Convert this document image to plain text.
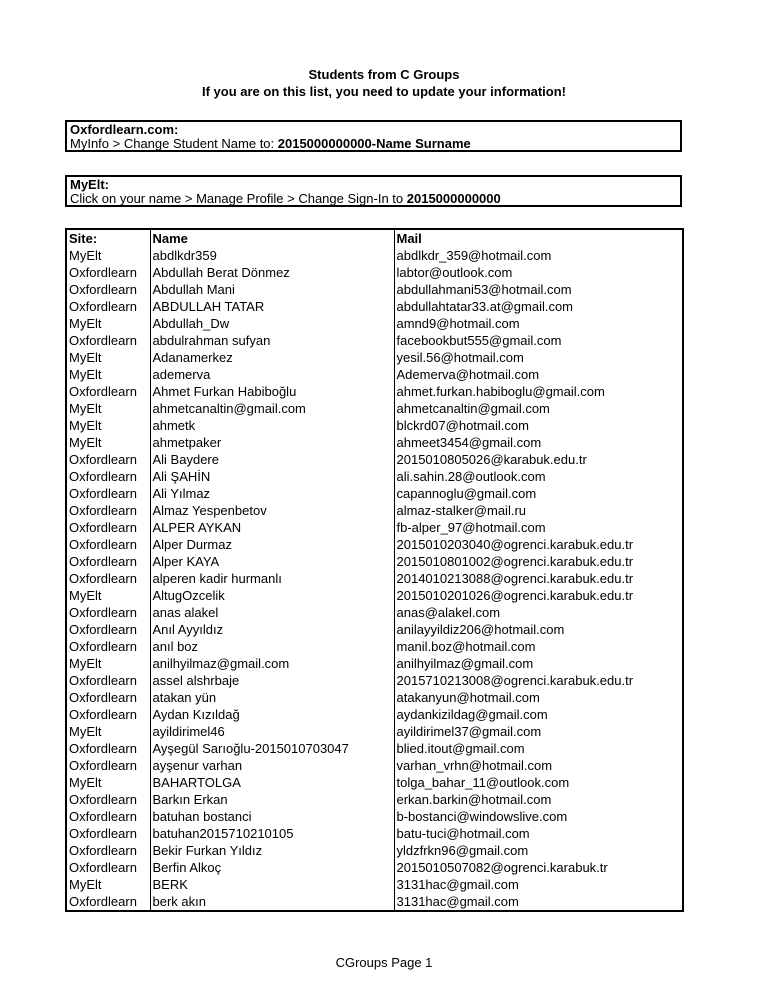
Students from C Groups
If you are on this list, you need to update your information!
Oxfordlearn.com:
MyInfo > Change Student Name to: 2015000000000-Name Surname
MyElt:
Click on your name > Manage Profile > Change Sign-In to 2015000000000
Site:	Name	Mail
MyElt	abdlkdr359	abdlkdr_359@hotmail.com
Oxfordlearn	Abdullah Berat Dönmez	labtor@outlook.com
Oxfordlearn	Abdullah Mani	abdullahmani53@hotmail.com
Oxfordlearn	ABDULLAH TATAR	abdullahtatar33.at@gmail.com
MyElt	Abdullah_Dw	amnd9@hotmail.com
Oxfordlearn	abdulrahman sufyan	facebookbut555@gmail.com
MyElt	Adanamerkez	yesil.56@hotmail.com
MyElt	ademerva	Ademerva@hotmail.com
Oxfordlearn	Ahmet Furkan Habiboğlu	ahmet.furkan.habiboglu@gmail.com
MyElt	ahmetcanaltin@gmail.com	ahmetcanaltin@gmail.com
MyElt	ahmetk	blckrd07@hotmail.com
MyElt	ahmetpaker	ahmeet3454@gmail.com
Oxfordlearn	Ali Baydere	2015010805026@karabuk.edu.tr
Oxfordlearn	Ali ŞAHİN	ali.sahin.28@outlook.com
Oxfordlearn	Ali Yılmaz	capannoglu@gmail.com
Oxfordlearn	Almaz Yespenbetov	almaz-stalker@mail.ru
Oxfordlearn	ALPER AYKAN	fb-alper_97@hotmail.com
Oxfordlearn	Alper Durmaz	2015010203040@ogrenci.karabuk.edu.tr
Oxfordlearn	Alper KAYA	2015010801002@ogrenci.karabuk.edu.tr
Oxfordlearn	alperen kadir hurmanlı	2014010213088@ogrenci.karabuk.edu.tr
MyElt	AltugOzcelik	2015010201026@ogrenci.karabuk.edu.tr
Oxfordlearn	anas alakel	anas@alakel.com
Oxfordlearn	Anıl Ayyıldız	anilayyildiz206@hotmail.com
Oxfordlearn	anıl boz	manil.boz@hotmail.com
MyElt	anilhyilmaz@gmail.com	anilhyilmaz@gmail.com
Oxfordlearn	assel alshrbaje	2015710213008@ogrenci.karabuk.edu.tr
Oxfordlearn	atakan yün	atakanyun@hotmail.com
Oxfordlearn	Aydan Kızıldağ	aydankizildag@gmail.com
MyElt	ayildirimel46	ayildirimel37@gmail.com
Oxfordlearn	Ayşegül Sarıoğlu-2015010703047	blied.itout@gmail.com
Oxfordlearn	ayşenur varhan	varhan_vrhn@hotmail.com
MyElt	BAHARTOLGA	tolga_bahar_11@outlook.com
Oxfordlearn	Barkın Erkan	erkan.barkin@hotmail.com
Oxfordlearn	batuhan bostanci	b-bostanci@windowslive.com
Oxfordlearn	batuhan2015710210105	batu-tuci@hotmail.com
Oxfordlearn	Bekir Furkan Yıldız	yldzfrkn96@gmail.com
Oxfordlearn	Berfin Alkoç	2015010507082@ogrenci.karabuk.tr
MyElt	BERK	3131hac@gmail.com
Oxfordlearn	berk akın	3131hac@gmail.com
CGroups Page 1
